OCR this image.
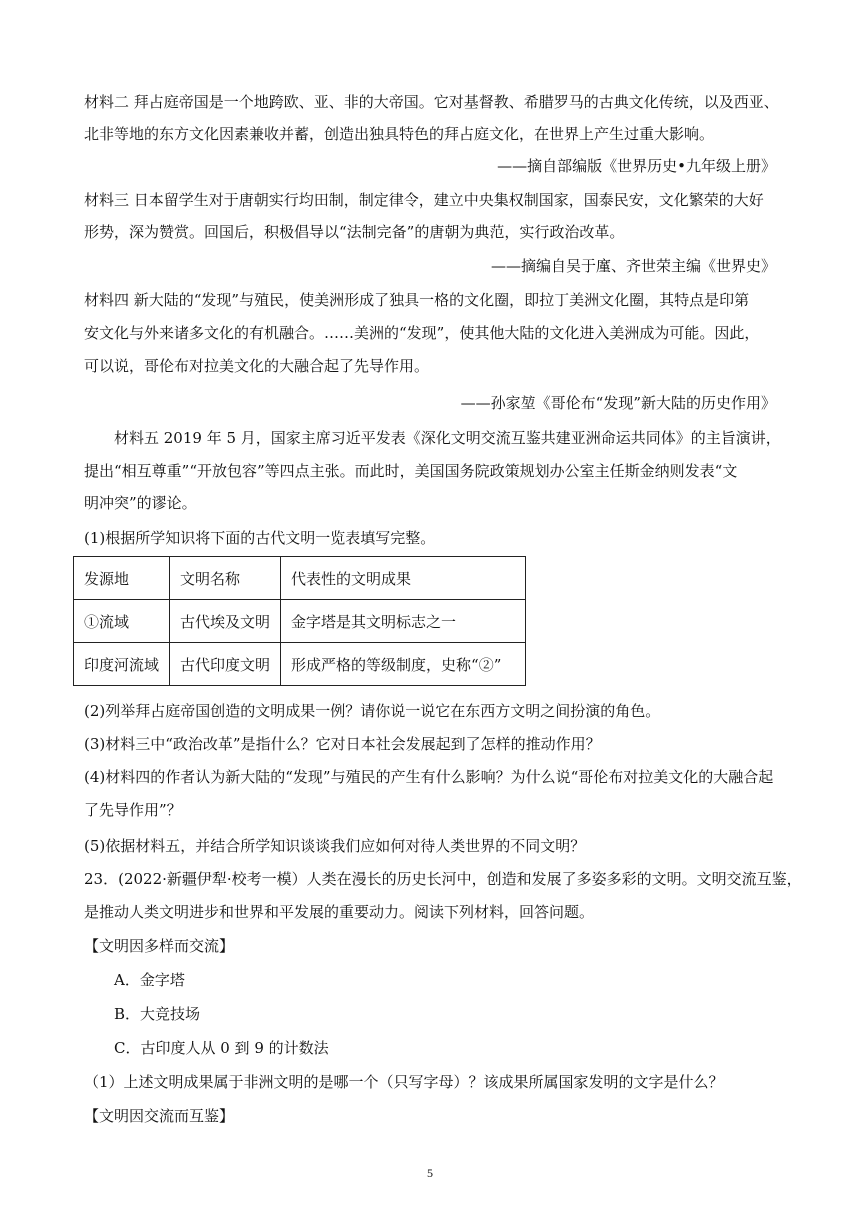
材料二 拜占庭帝国是一个地跨欧、亚、非的大帝国。它对基督教、希腊罗马的古典文化传统，以及西亚、
北非等地的东方文化因素兼收并蓄，创造出独具特色的拜占庭文化，在世界上产生过重大影响。
——摘自部编版《世界历史•九年级上册》
材料三 日本留学生对于唐朝实行均田制，制定律令，建立中央集权制国家，国泰民安，文化繁荣的大好
形势，深为赞赏。回国后，积极倡导以“法制完备”的唐朝为典范，实行政治改革。
——摘编自吴于廑、齐世荣主编《世界史》
材料四 新大陆的“发现”与殖民，使美洲形成了独具一格的文化圈，即拉丁美洲文化圈，其特点是印第
安文化与外来诸多文化的有机融合。……美洲的“发现”，使其他大陆的文化进入美洲成为可能。因此，
可以说，哥伦布对拉美文化的大融合起了先导作用。
——孙家堃《哥伦布“发现”新大陆的历史作用》
材料五 2019 年 5 月，国家主席习近平发表《深化文明交流互鉴共建亚洲命运共同体》的主旨演讲，
提出“相互尊重”“开放包容”等四点主张。而此时，美国国务院政策规划办公室主任斯金纳则发表“文
明冲突”的谬论。
(1)根据所学知识将下面的古代文明一览表填写完整。
发源地	文明名称	代表性的文明成果
①流域	古代埃及文明	金字塔是其文明标志之一
印度河流域	古代印度文明	形成严格的等级制度，史称“②”
(2)列举拜占庭帝国创造的文明成果一例？请你说一说它在东西方文明之间扮演的角色。
(3)材料三中“政治改革”是指什么？它对日本社会发展起到了怎样的推动作用？
(4)材料四的作者认为新大陆的“发现”与殖民的产生有什么影响？为什么说“哥伦布对拉美文化的大融合起
了先导作用”？
(5)依据材料五，并结合所学知识谈谈我们应如何对待人类世界的不同文明？
23．(2022·新疆伊犁·校考一模）人类在漫长的历史长河中，创造和发展了多姿多彩的文明。文明交流互鉴，
是推动人类文明进步和世界和平发展的重要动力。阅读下列材料，回答问题。
【文明因多样而交流】
A．金字塔
B．大竞技场
C．古印度人从 0 到 9 的计数法
（1）上述文明成果属于非洲文明的是哪一个（只写字母）？该成果所属国家发明的文字是什么？
【文明因交流而互鉴】
5
